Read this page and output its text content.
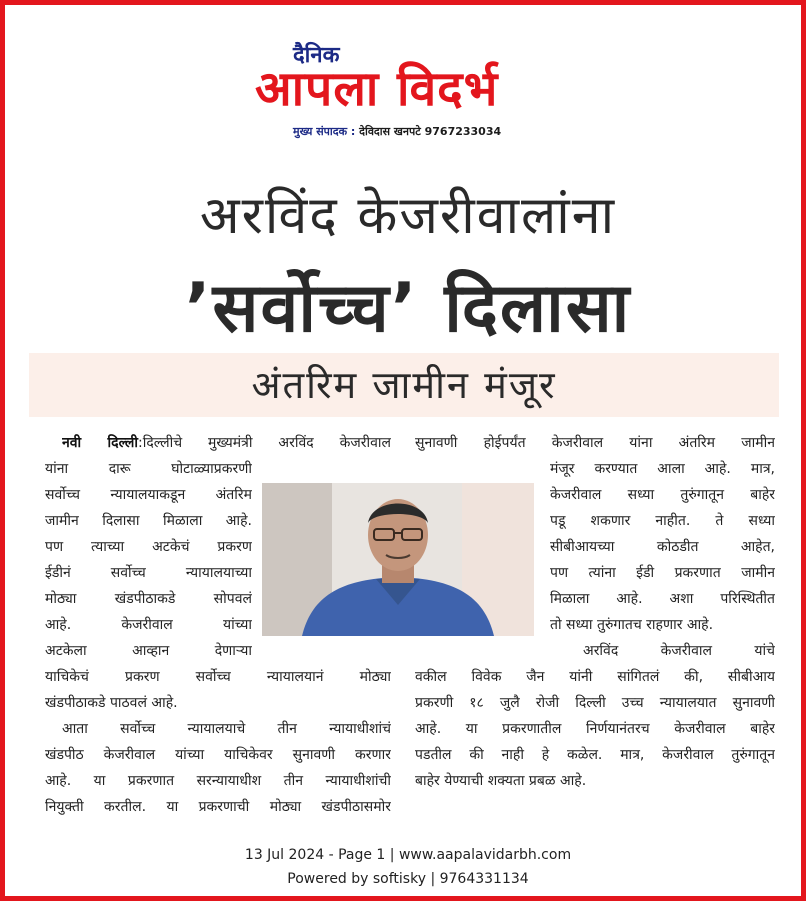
दैनिक
आपला विदर्भ
मुख्य संपादक : देविदास खनपटे 9767233034
अरविंद केजरीवालांना
’सर्वोच्च’ दिलासा
अंतरिम जामीन मंजूर
नवी दिल्ली:दिल्लीचे मुख्यमंत्री अरविंद केजरीवाल
यांना दारू घोटाळ्याप्रकरणी
सर्वोच्च न्यायालयाकडून अंतरिम
जामीन दिलासा मिळाला आहे.
पण त्याच्या अटकेचं प्रकरण
ईडीनं सर्वोच्च न्यायालयाच्या
मोठ्या खंडपीठाकडे सोपवलं
आहे. केजरीवाल यांच्या
अटकेला आव्हान देणाऱ्या
याचिकेचं प्रकरण सर्वोच्च न्यायालयानं मोठ्या
खंडपीठाकडे पाठवलं आहे.
आता सर्वोच्च न्यायालयाचे तीन न्यायाधीशांचं
खंडपीठ केजरीवाल यांच्या याचिकेवर सुनावणी करणार
आहे. या प्रकरणात सरन्यायाधीश तीन न्यायाधीशांची
नियुक्ती करतील. या प्रकरणाची मोठ्या खंडपीठासमोर
सुनावणी होईपर्यंत केजरीवाल यांना अंतरिम जामीन
मंजूर करण्यात आला आहे. मात्र,
केजरीवाल सध्या तुरुंगातून बाहेर
पडू शकणार नाहीत. ते सध्या
सीबीआयच्या कोठडीत आहेत,
पण त्यांना ईडी प्रकरणात जामीन
मिळाला आहे. अशा परिस्थितीत
तो सध्या तुरुंगातच राहणार आहे.
अरविंद केजरीवाल यांचे
वकील विवेक जैन यांनी सांगितलं की, सीबीआय
प्रकरणी १८ जुलै रोजी दिल्ली उच्च न्यायालयात सुनावणी
आहे. या प्रकरणातील निर्णयानंतरच केजरीवाल बाहेर
पडतील की नाही हे कळेल. मात्र, केजरीवाल तुरुंगातून
बाहेर येण्याची शक्यता प्रबळ आहे.
13 Jul 2024 - Page 1 | www.aapalavidarbh.com
Powered by softisky | 9764331134
